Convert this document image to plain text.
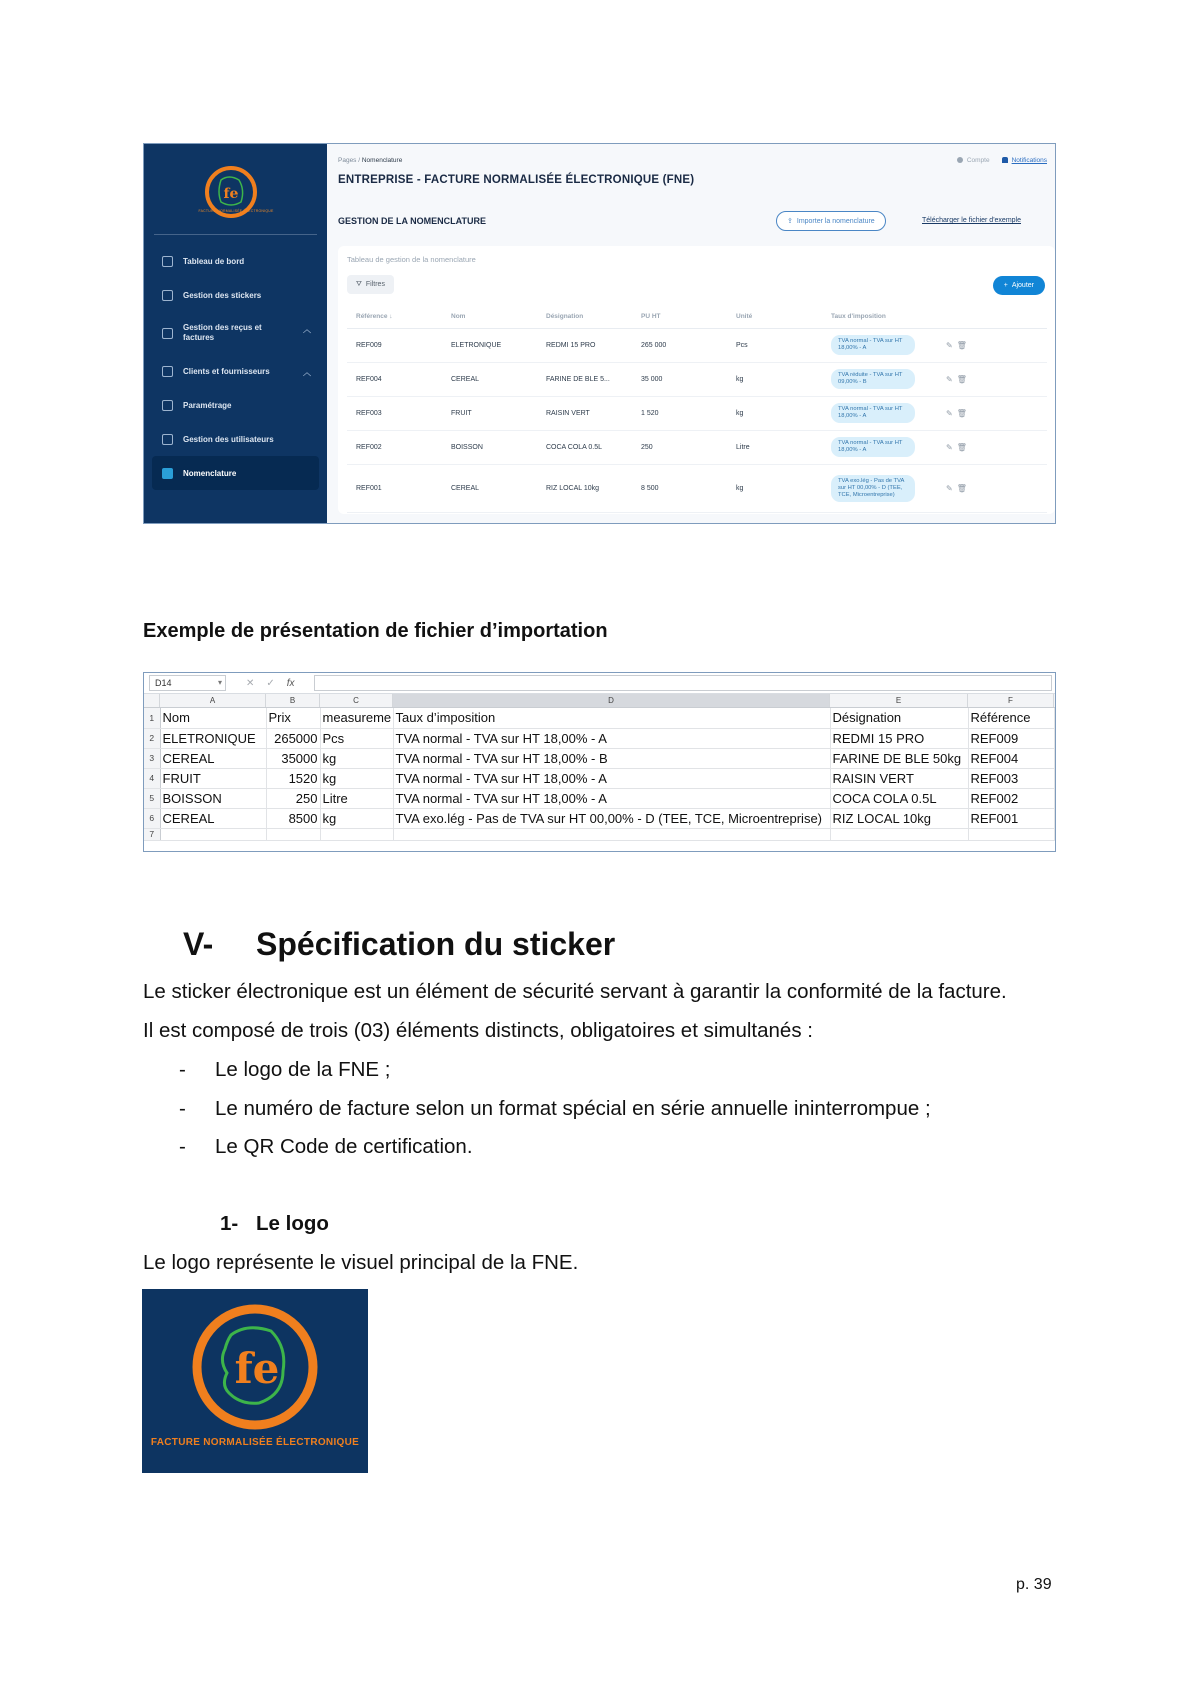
fe
FACTURE NORMALISÉE ÉLECTRONIQUE
Tableau de bord
Gestion des stickers
Gestion des reçus et factures
︿
Clients et fournisseurs	︿
Paramétrage
Gestion des utilisateurs
Nomenclature
Pages / Nomenclature	Compte	Notifications
ENTREPRISE - FACTURE NORMALISÉE ÉLECTRONIQUE (FNE)
GESTION DE LA NOMENCLATURE	⇪ Importer la nomenclature	Télécharger le fichier d'exemple
Tableau de gestion de la nomenclature
⛛ Filtres	+ Ajouter
Référence ↓	Nom	Désignation	PU HT	Unité	Taux d'imposition	
REF009	ELETRONIQUE	REDMI 15 PRO	265 000	Pcs	TVA normal - TVA sur HT 18,00% - A	✎🗑
REF004	CEREAL	FARINE DE BLE 5...	35 000	kg	TVA réduite - TVA sur HT 09,00% - B	✎🗑
REF003	FRUIT	RAISIN VERT	1 520	kg	TVA normal - TVA sur HT 18,00% - A	✎🗑
REF002	BOISSON	COCA COLA 0.5L	250	Litre	TVA normal - TVA sur HT 18,00% - A	✎🗑
REF001	CEREAL	RIZ LOCAL 10kg	8 500	kg	TVA exo.lég - Pas de TVA sur HT 00,00% - D (TEE, TCE, Microentreprise)	✎🗑
Exemple de présentation de fichier d’importation
D14 ▾	✕ ✓ fx
A	B	C	D	E	F
1	Nom	Prix	measureme	Taux d’imposition	Désignation	Référence
2	ELETRONIQUE	265000	Pcs	TVA normal - TVA sur HT 18,00% - A	REDMI 15 PRO	REF009
3	CEREAL	35000	kg	TVA normal - TVA sur HT 18,00% - B	FARINE DE BLE 50kg	REF004
4	FRUIT	1520	kg	TVA normal - TVA sur HT 18,00% - A	RAISIN VERT	REF003
5	BOISSON	250	Litre	TVA normal - TVA sur HT 18,00% - A	COCA COLA 0.5L	REF002
6	CEREAL	8500	kg	TVA exo.lég - Pas de TVA sur HT 00,00% - D (TEE, TCE, Microentreprise)	RIZ LOCAL 10kg	REF001
7						
V- Spécification du sticker
Le sticker électronique est un élément de sécurité servant à garantir la conformité de la facture.
Il est composé de trois (03) éléments distincts, obligatoires et simultanés :
- Le logo de la FNE ;
- Le numéro de facture selon un format spécial en série annuelle ininterrompue ;
- Le QR Code de certification.
1- Le logo
Le logo représente le visuel principal de la FNE.
fe
FACTURE NORMALISÉE ÉLECTRONIQUE
p. 39
